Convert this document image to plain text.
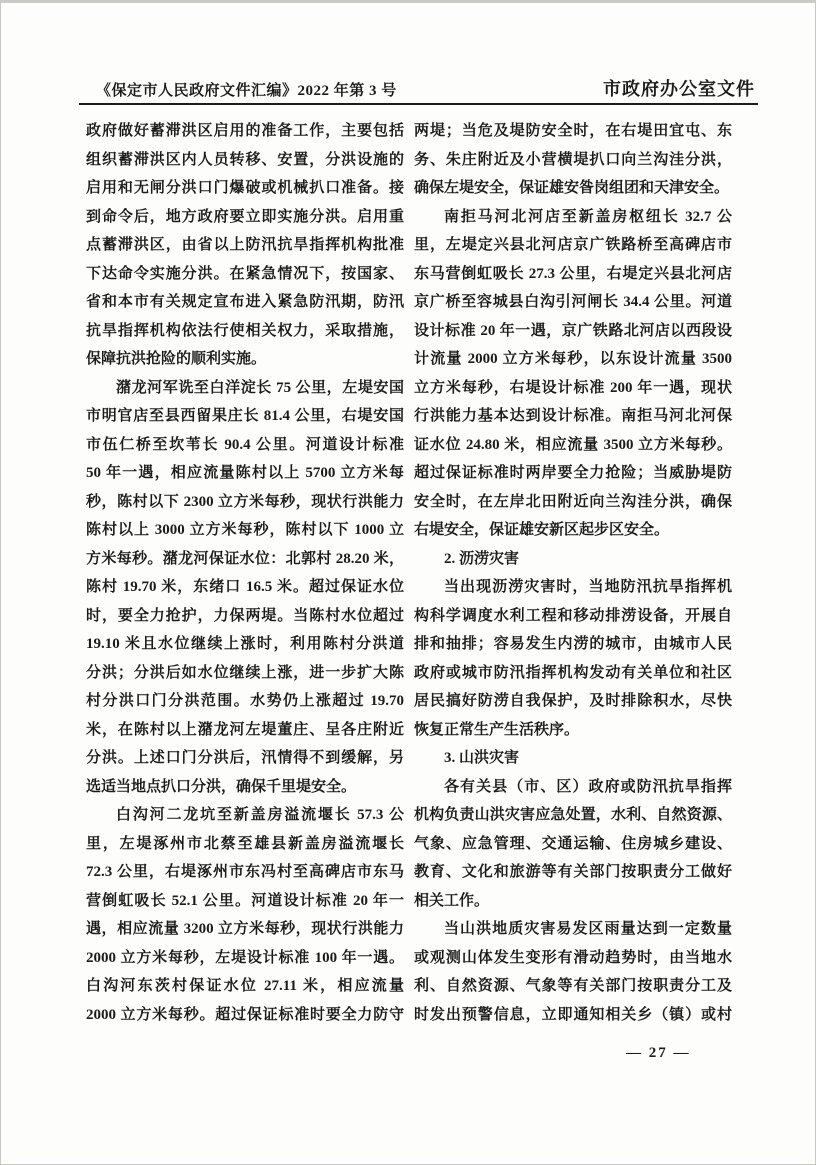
《保定市人民政府文件汇编》2022 年第 3 号	市政府办公室文件
政府做好蓄滞洪区启用的准备工作，主要包括
组织蓄滞洪区内人员转移、安置，分洪设施的
启用和无闸分洪口门爆破或机械扒口准备。接
到命令后，地方政府要立即实施分洪。启用重
点蓄滞洪区，由省以上防汛抗旱指挥机构批准
下达命令实施分洪。在紧急情况下，按国家、
省和本市有关规定宣布进入紧急防汛期，防汛
抗旱指挥机构依法行使相关权力，采取措施，
保障抗洪抢险的顺利实施。
潴龙河军诜至白洋淀长 75 公里，左堤安国
市明官店至县西留果庄长 81.4 公里，右堤安国
市伍仁桥至坎苇长 90.4 公里。河道设计标准
50 年一遇，相应流量陈村以上 5700 立方米每
秒，陈村以下 2300 立方米每秒，现状行洪能力
陈村以上 3000 立方米每秒，陈村以下 1000 立
方米每秒。潴龙河保证水位：北郭村 28.20 米，
陈村 19.70 米，东绪口 16.5 米。超过保证水位
时，要全力抢护，力保两堤。当陈村水位超过
19.10 米且水位继续上涨时，利用陈村分洪道
分洪；分洪后如水位继续上涨，进一步扩大陈
村分洪口门分洪范围。水势仍上涨超过 19.70
米，在陈村以上潴龙河左堤董庄、呈各庄附近
分洪。上述口门分洪后，汛情得不到缓解，另
选适当地点扒口分洪，确保千里堤安全。
白沟河二龙坑至新盖房溢流堰长 57.3 公
里，左堤涿州市北蔡至雄县新盖房溢流堰长
72.3 公里，右堤涿州市东冯村至高碑店市东马
营倒虹吸长 52.1 公里。河道设计标准 20 年一
遇，相应流量 3200 立方米每秒，现状行洪能力
2000 立方米每秒，左堤设计标准 100 年一遇。
白沟河东茨村保证水位 27.11 米，相应流量
2000 立方米每秒。超过保证标准时要全力防守
两堤；当危及堤防安全时，在右堤田宜屯、东
务、朱庄附近及小营横堤扒口向兰沟洼分洪，
确保左堤安全，保证雄安昝岗组团和天津安全。
南拒马河北河店至新盖房枢纽长 32.7 公
里，左堤定兴县北河店京广铁路桥至高碑店市
东马营倒虹吸长 27.3 公里，右堤定兴县北河店
京广桥至容城县白沟引河闸长 34.4 公里。河道
设计标准 20 年一遇，京广铁路北河店以西段设
计流量 2000 立方米每秒，以东设计流量 3500
立方米每秒，右堤设计标准 200 年一遇，现状
行洪能力基本达到设计标准。南拒马河北河保
证水位 24.80 米，相应流量 3500 立方米每秒。
超过保证标准时两岸要全力抢险；当威胁堤防
安全时，在左岸北田附近向兰沟洼分洪，确保
右堤安全，保证雄安新区起步区安全。
2. 沥涝灾害
当出现沥涝灾害时，当地防汛抗旱指挥机
构科学调度水利工程和移动排涝设备，开展自
排和抽排；容易发生内涝的城市，由城市人民
政府或城市防汛指挥机构发动有关单位和社区
居民搞好防涝自我保护，及时排除积水，尽快
恢复正常生产生活秩序。
3. 山洪灾害
各有关县（市、区）政府或防汛抗旱指挥
机构负责山洪灾害应急处置，水利、自然资源、
气象、应急管理、交通运输、住房城乡建设、
教育、文化和旅游等有关部门按职责分工做好
相关工作。
当山洪地质灾害易发区雨量达到一定数量
或观测山体发生变形有滑动趋势时，由当地水
利、自然资源、气象等有关部门按职责分工及
时发出预警信息，立即通知相关乡（镇）或村
— 27 —
